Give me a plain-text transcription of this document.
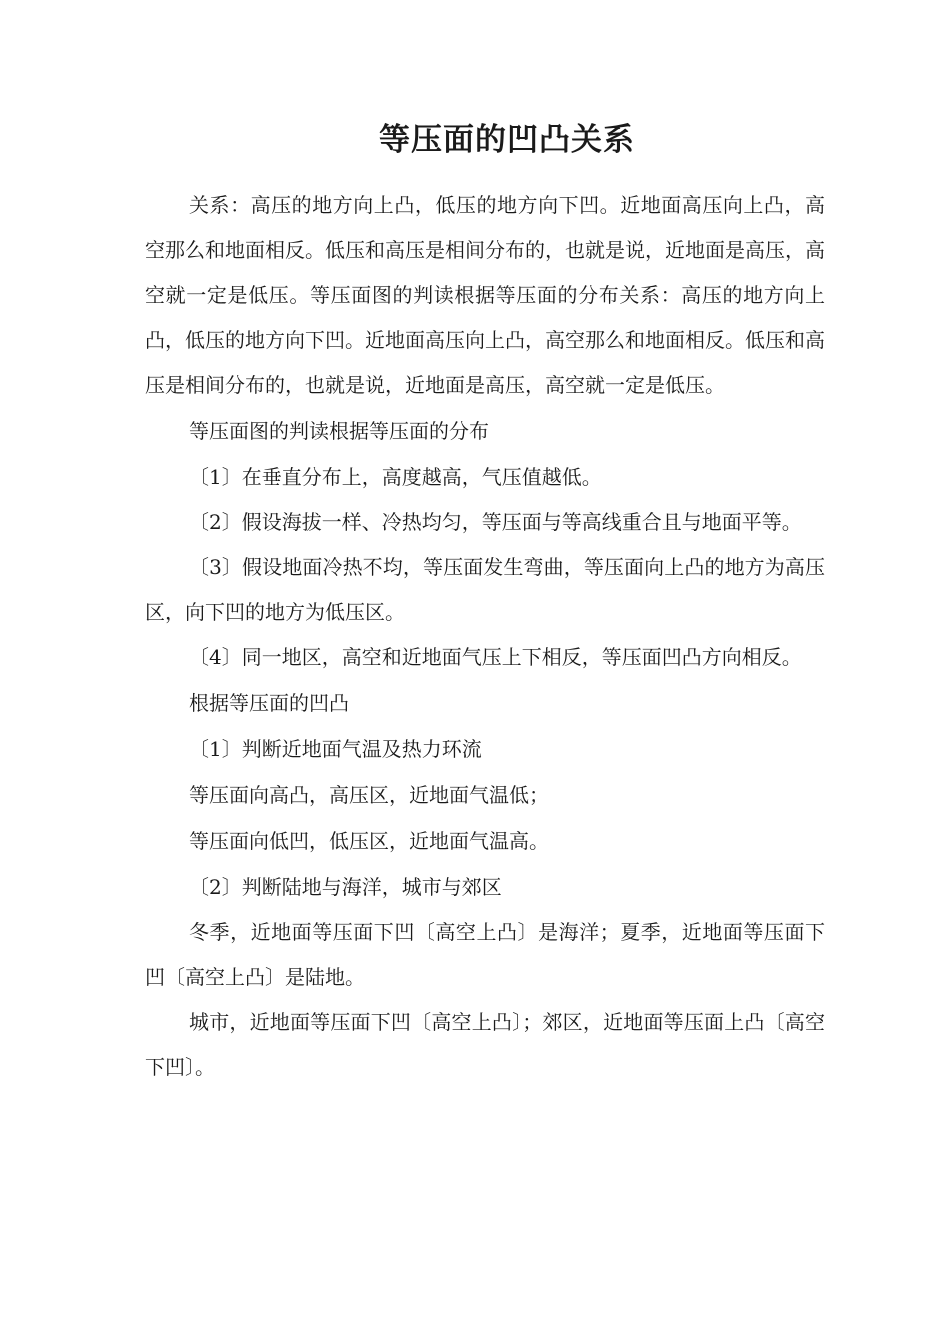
等压面的凹凸关系

关系：高压的地方向上凸，低压的地方向下凹。近地面高压向上凸，高空那么和地面相反。低压和高压是相间分布的，也就是说，近地面是高压，高空就一定是低压。等压面图的判读根据等压面的分布关系：高压的地方向上凸，低压的地方向下凹。近地面高压向上凸，高空那么和地面相反。低压和高压是相间分布的，也就是说，近地面是高压，高空就一定是低压。

等压面图的判读根据等压面的分布

〔1〕在垂直分布上，高度越高，气压值越低。

〔2〕假设海拔一样、冷热均匀，等压面与等高线重合且与地面平等。

〔3〕假设地面冷热不均，等压面发生弯曲，等压面向上凸的地方为高压区，向下凹的地方为低压区。

〔4〕同一地区，高空和近地面气压上下相反，等压面凹凸方向相反。

根据等压面的凹凸

〔1〕判断近地面气温及热力环流

等压面向高凸，高压区，近地面气温低；

等压面向低凹，低压区，近地面气温高。

〔2〕判断陆地与海洋，城市与郊区

冬季，近地面等压面下凹〔高空上凸〕是海洋；夏季，近地面等压面下凹〔高空上凸〕是陆地。

城市，近地面等压面下凹〔高空上凸〕；郊区，近地面等压面上凸〔高空下凹〕。
